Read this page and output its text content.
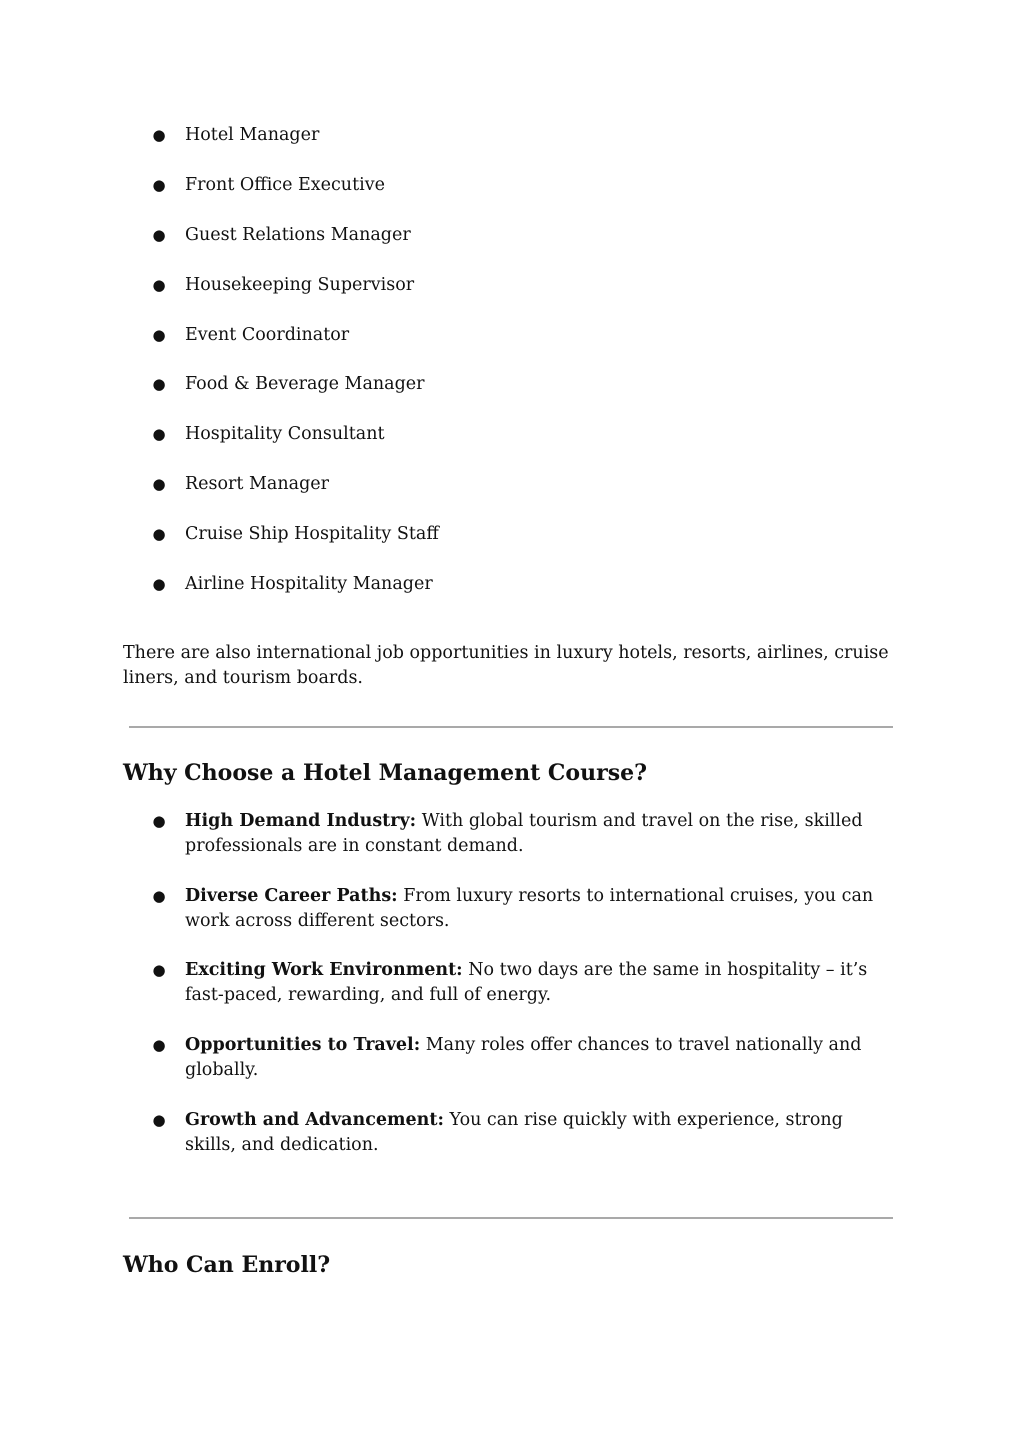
● Hotel Manager
● Front Office Executive
● Guest Relations Manager
● Housekeeping Supervisor
● Event Coordinator
● Food & Beverage Manager
● Hospitality Consultant
● Resort Manager
● Cruise Ship Hospitality Staff
● Airline Hospitality Manager

There are also international job opportunities in luxury hotels, resorts, airlines, cruise liners, and tourism boards.

Why Choose a Hotel Management Course?
● High Demand Industry: With global tourism and travel on the rise, skilled professionals are in constant demand.
● Diverse Career Paths: From luxury resorts to international cruises, you can work across different sectors.
● Exciting Work Environment: No two days are the same in hospitality – it’s fast-paced, rewarding, and full of energy.
● Opportunities to Travel: Many roles offer chances to travel nationally and globally.
● Growth and Advancement: You can rise quickly with experience, strong skills, and dedication.
Who Can Enroll?
